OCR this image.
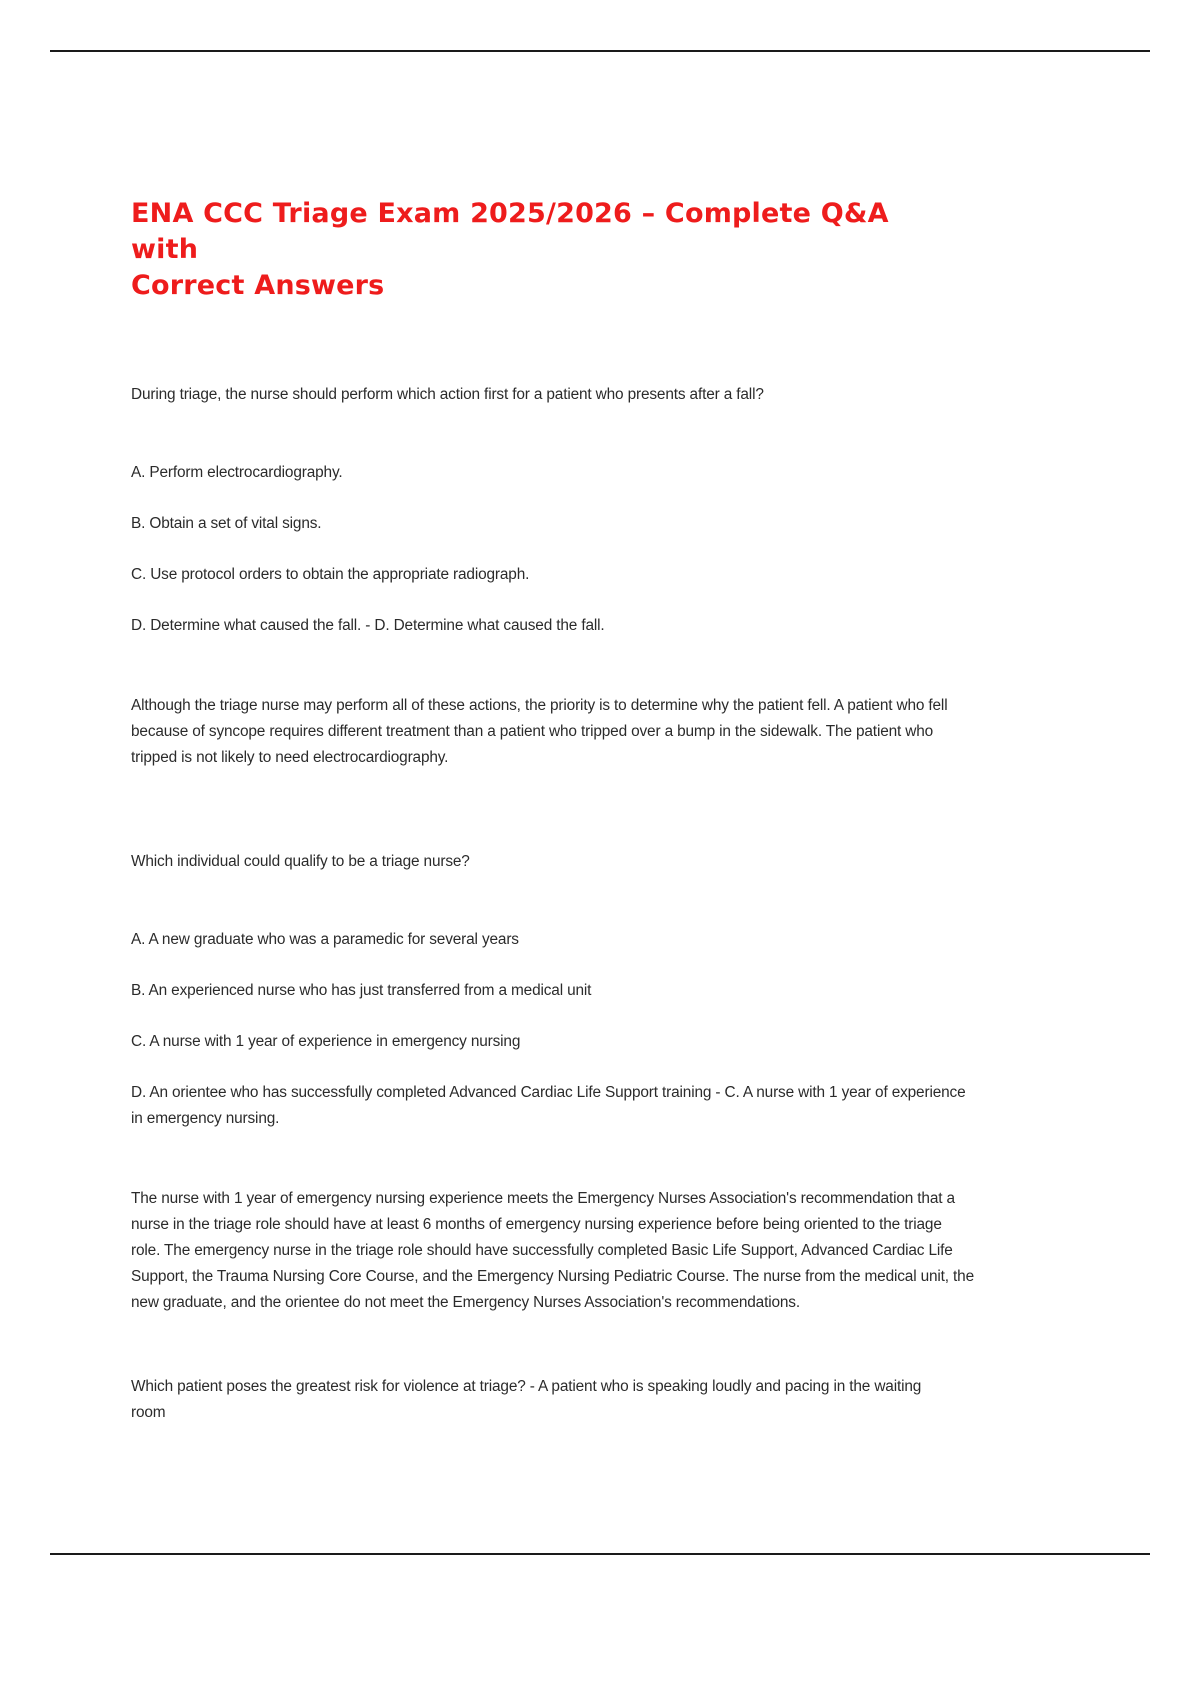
ENA CCC Triage Exam 2025/2026 – Complete Q&A with
Correct Answers

During triage, the nurse should perform which action first for a patient who presents after a fall?

A. Perform electrocardiography.

B. Obtain a set of vital signs.

C. Use protocol orders to obtain the appropriate radiograph.

D. Determine what caused the fall. - D. Determine what caused the fall.

Although the triage nurse may perform all of these actions, the priority is to determine why the patient fell. A patient who fell because of syncope requires different treatment than a patient who tripped over a bump in the sidewalk. The patient who tripped is not likely to need electrocardiography.

Which individual could qualify to be a triage nurse?

A. A new graduate who was a paramedic for several years

B. An experienced nurse who has just transferred from a medical unit

C. A nurse with 1 year of experience in emergency nursing

D. An orientee who has successfully completed Advanced Cardiac Life Support training - C. A nurse with 1 year of experience in emergency nursing.

The nurse with 1 year of emergency nursing experience meets the Emergency Nurses Association's recommendation that a nurse in the triage role should have at least 6 months of emergency nursing experience before being oriented to the triage role. The emergency nurse in the triage role should have successfully completed Basic Life Support, Advanced Cardiac Life Support, the Trauma Nursing Core Course, and the Emergency Nursing Pediatric Course. The nurse from the medical unit, the new graduate, and the orientee do not meet the Emergency Nurses Association's recommendations.

Which patient poses the greatest risk for violence at triage? - A patient who is speaking loudly and pacing in the waiting room
